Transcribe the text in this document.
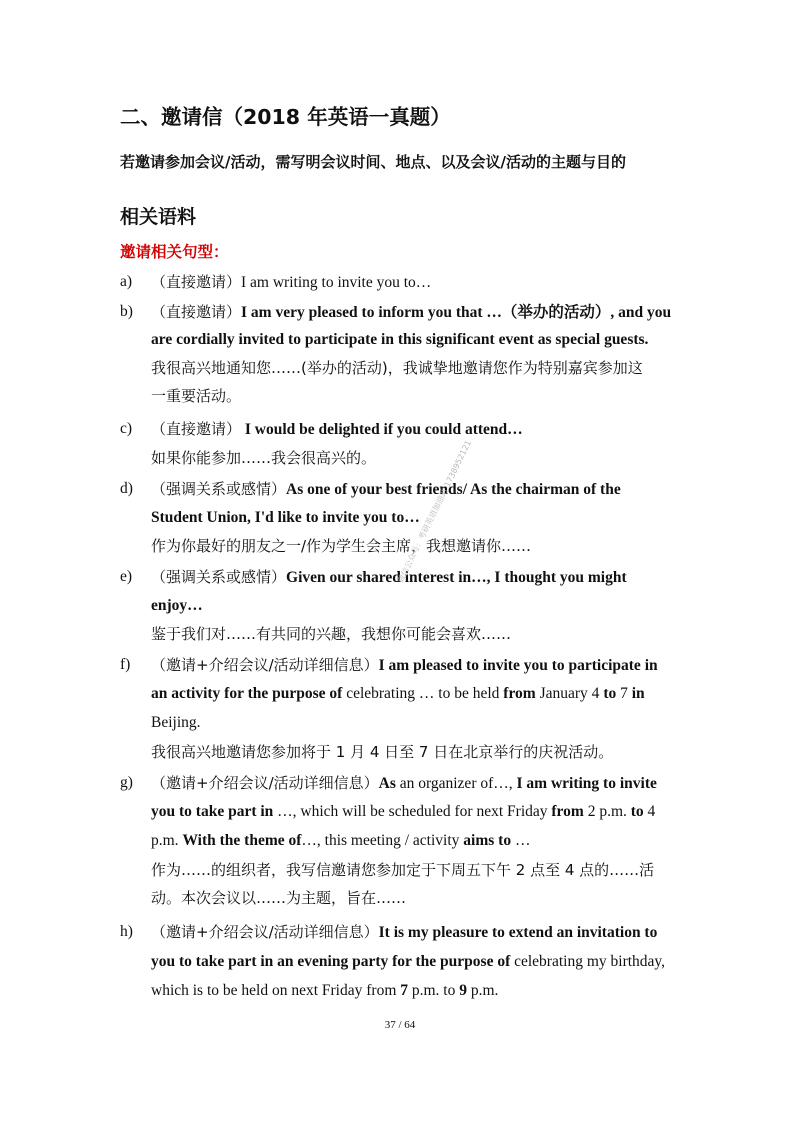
二、邀请信（2018 年英语一真题）
若邀请参加会议/活动，需写明会议时间、地点、以及会议/活动的主题与目的
相关语料
邀请相关句型：
a) （直接邀请）I am writing to invite you to…
b) （直接邀请）I am very pleased to inform you that …（举办的活动）, and you
are cordially invited to participate in this significant event as special guests.
我很高兴地通知您……(举办的活动)，我诚挚地邀请您作为特别嘉宾参加这
一重要活动。
c) （直接邀请） I would be delighted if you could attend…
如果你能参加……我会很高兴的。
d) （强调关系或感情）As one of your best friends/ As the chairman of the
Student Union, I'd like to invite you to…
作为你最好的朋友之一/作为学生会主席，我想邀请你……
e) （强调关系或感情）Given our shared interest in…, I thought you might
enjoy…
鉴于我们对……有共同的兴趣，我想你可能会喜欢……
f) （邀请+介绍会议/活动详细信息）I am pleased to invite you to participate in
an activity for the purpose of celebrating … to be held from January 4 to 7 in
Beijing.
我很高兴地邀请您参加将于 1 月 4 日至 7 日在北京举行的庆祝活动。
g) （邀请+介绍会议/活动详细信息）As an organizer of…, I am writing to invite
you to take part in …, which will be scheduled for next Friday from 2 p.m. to 4
p.m. With the theme of…, this meeting / activity aims to …
作为……的组织者，我写信邀请您参加定于下周五下午 2 点至 4 点的……活
动。本次会议以……为主题，旨在……
h) （邀请+介绍会议/活动详细信息）It is my pleasure to extend an invitation to
you to take part in an evening party for the purpose of celebrating my birthday,
which is to be held on next Friday from 7 p.m. to 9 p.m.
37 / 64
微信公众号：考研英语加油站 1738952121
